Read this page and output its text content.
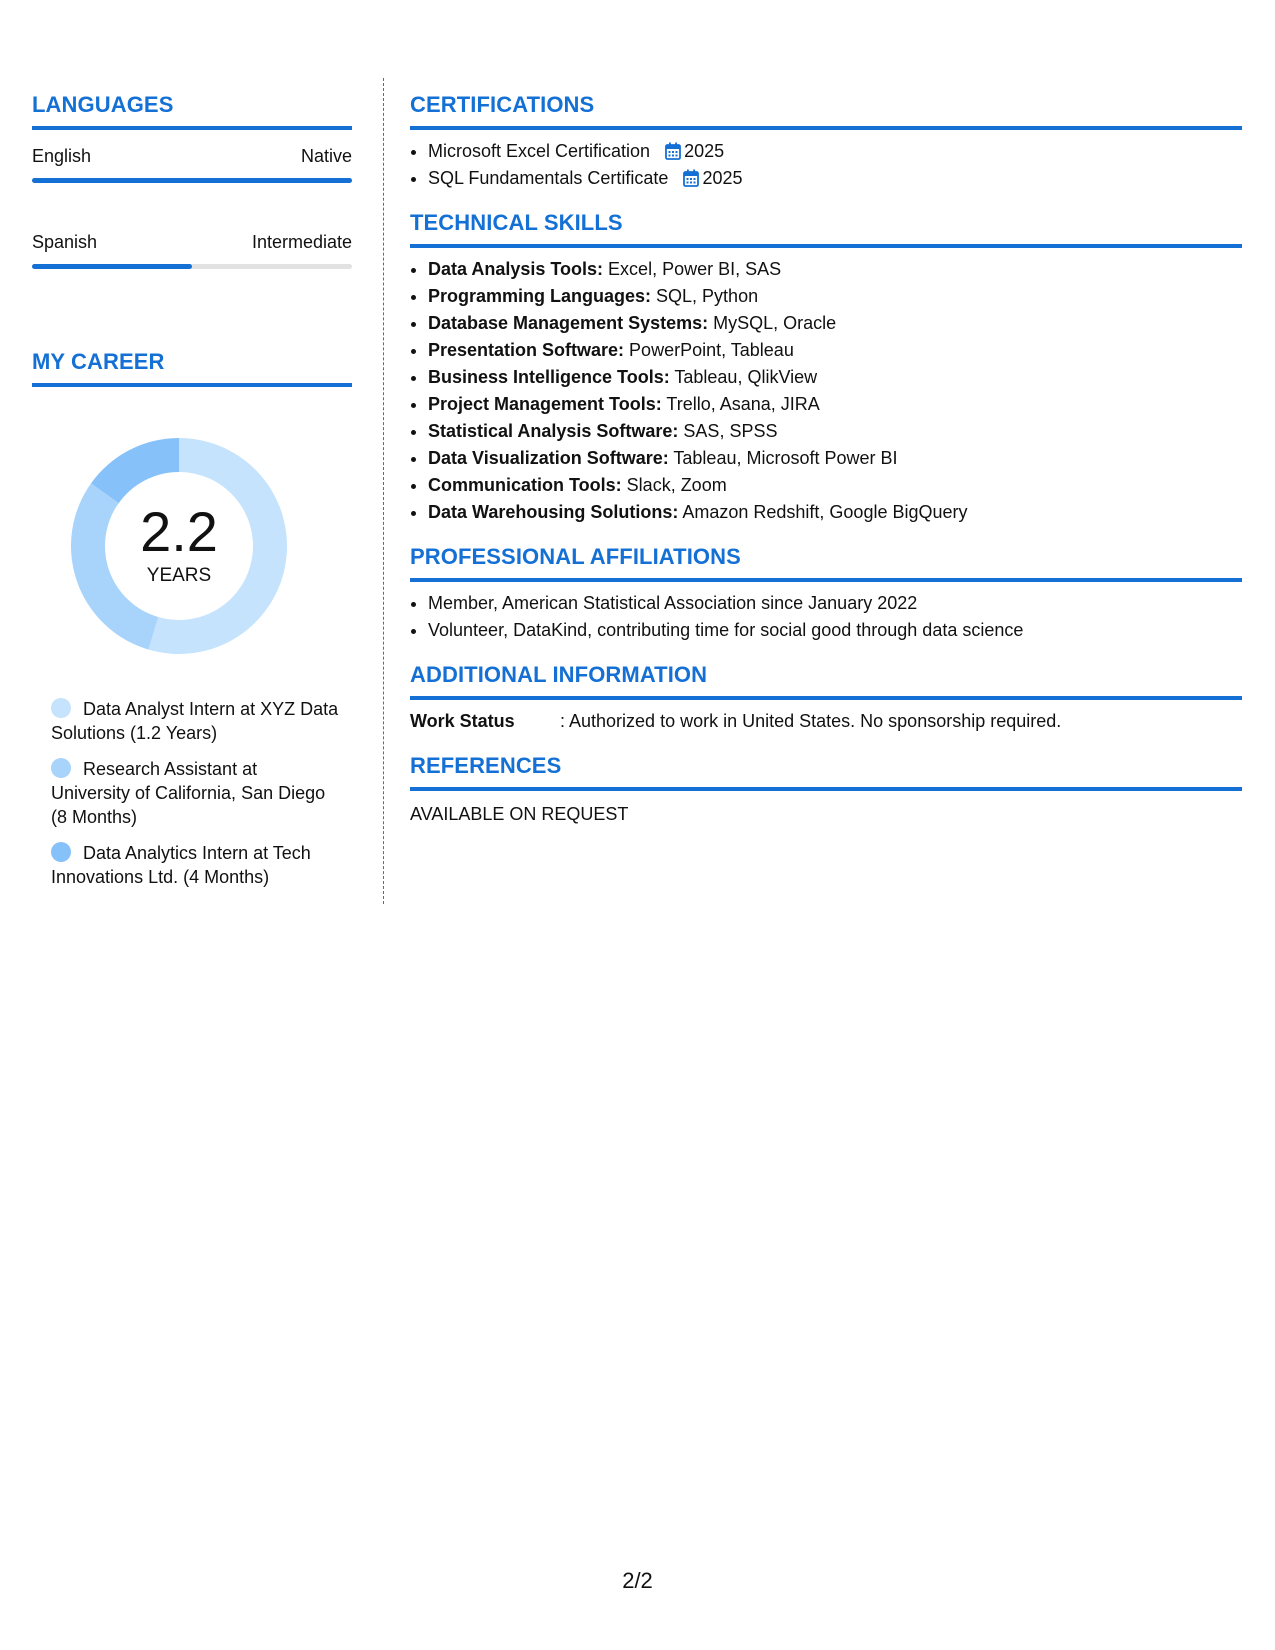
LANGUAGES
English	Native
Spanish	Intermediate
MY CAREER
2.2
YEARS
Data Analyst Intern at XYZ Data Solutions (1.2 Years)
Research Assistant at University of California, San Diego (8 Months)
Data Analytics Intern at Tech Innovations Ltd. (4 Months)
CERTIFICATIONS
• Microsoft Excel Certification 2025
• SQL Fundamentals Certificate 2025
TECHNICAL SKILLS
• Data Analysis Tools: Excel, Power BI, SAS
• Programming Languages: SQL, Python
• Database Management Systems: MySQL, Oracle
• Presentation Software: PowerPoint, Tableau
• Business Intelligence Tools: Tableau, QlikView
• Project Management Tools: Trello, Asana, JIRA
• Statistical Analysis Software: SAS, SPSS
• Data Visualization Software: Tableau, Microsoft Power BI
• Communication Tools: Slack, Zoom
• Data Warehousing Solutions: Amazon Redshift, Google BigQuery
PROFESSIONAL AFFILIATIONS
• Member, American Statistical Association since January 2022
• Volunteer, DataKind, contributing time for social good through data science
ADDITIONAL INFORMATION
Work Status	: Authorized to work in United States. No sponsorship required.
REFERENCES
AVAILABLE ON REQUEST
2/2
